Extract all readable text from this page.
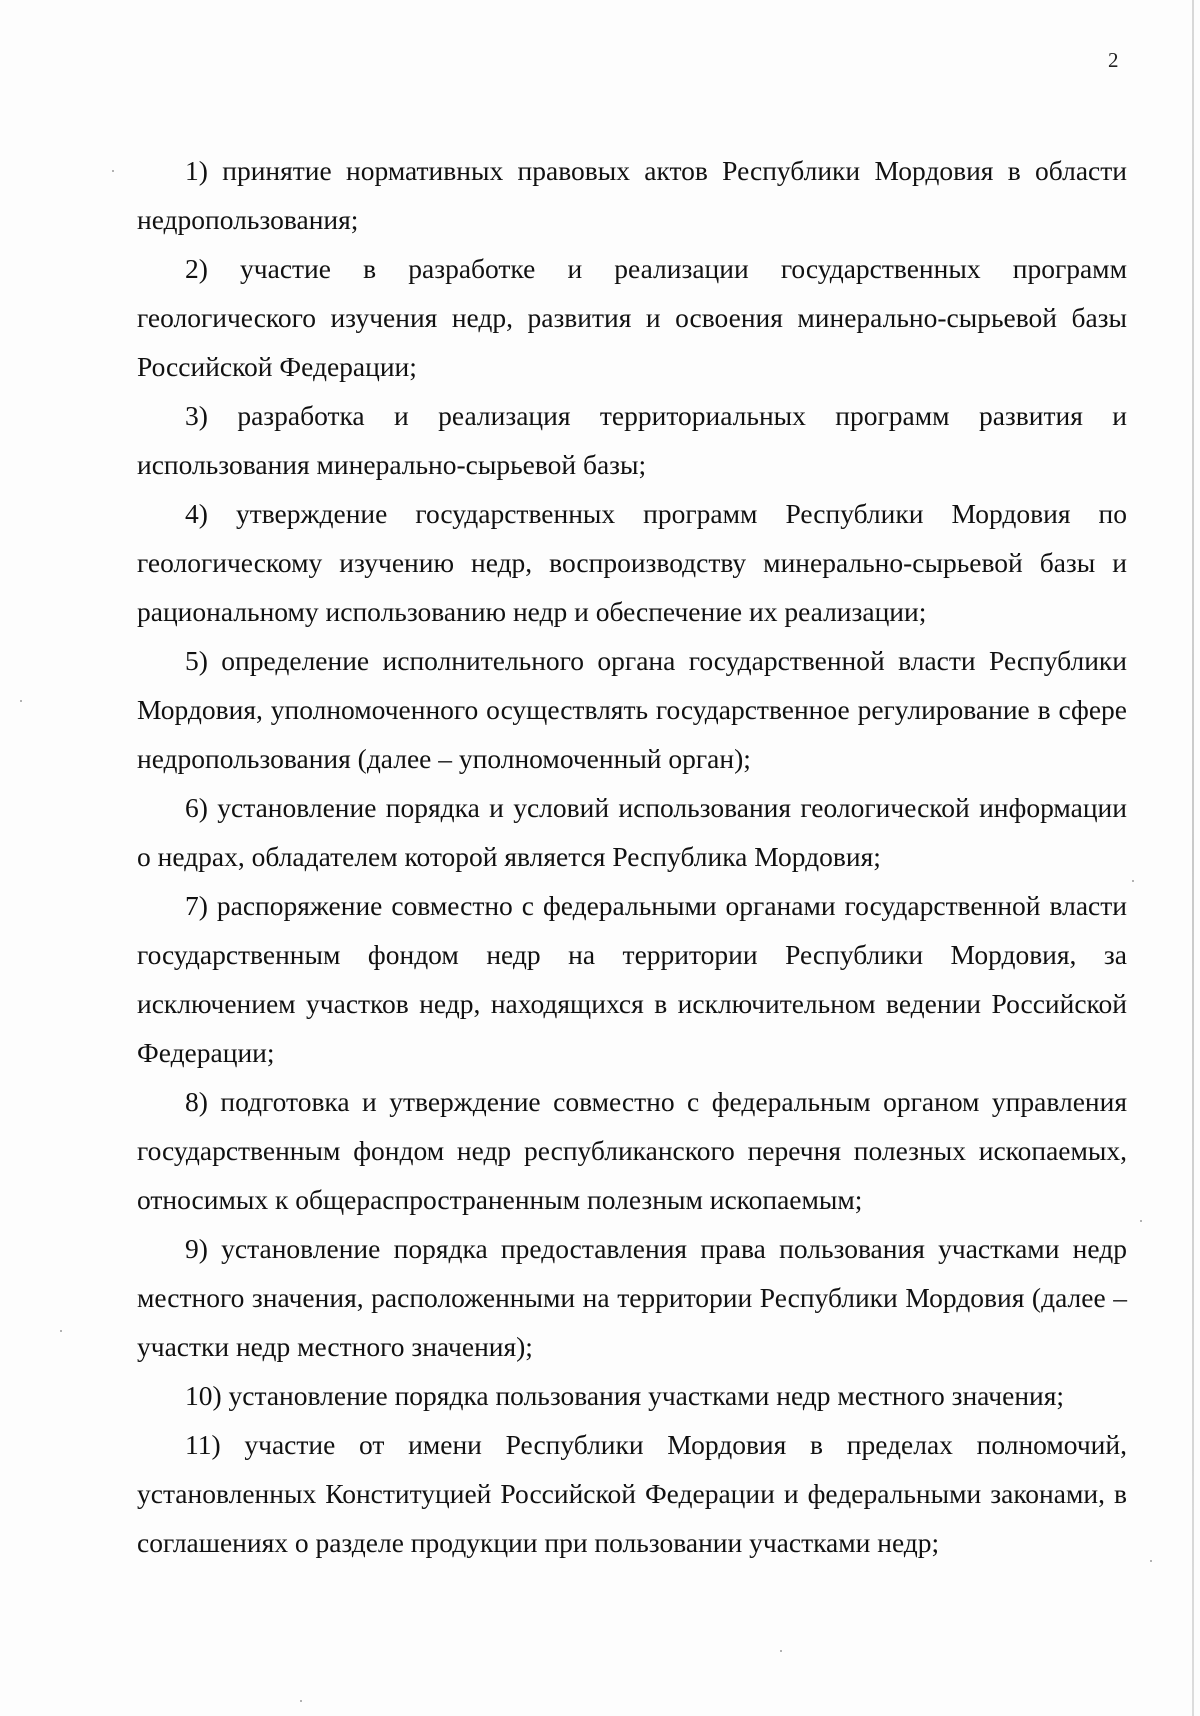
2

1) принятие нормативных правовых актов Республики Мордовия в области недропользования;

2) участие в разработке и реализации государственных программ геологического изучения недр, развития и освоения минерально-сырьевой базы Российской Федерации;

3) разработка и реализация территориальных программ развития и использования минерально-сырьевой базы;

4) утверждение государственных программ Республики Мордовия по геологическому изучению недр, воспроизводству минерально-сырьевой базы и рациональному использованию недр и обеспечение их реализации;

5) определение исполнительного органа государственной власти Республики Мордовия, уполномоченного осуществлять государственное регулирование в сфере недропользования (далее – уполномоченный орган);

6) установление порядка и условий использования геологической информации о недрах, обладателем которой является Республика Мордовия;

7) распоряжение совместно с федеральными органами государственной власти государственным фондом недр на территории Республики Мордовия, за исключением участков недр, находящихся в исключительном ведении Российской Федерации;

8) подготовка и утверждение совместно с федеральным органом управления государственным фондом недр республиканского перечня полезных ископаемых, относимых к общераспространенным полезным ископаемым;

9) установление порядка предоставления права пользования участками недр местного значения, расположенными на территории Республики Мордовия (далее – участки недр местного значения);

10) установление порядка пользования участками недр местного значения;

11) участие от имени Республики Мордовия в пределах полномочий, установленных Конституцией Российской Федерации и федеральными законами, в соглашениях о разделе продукции при пользовании участками недр;
